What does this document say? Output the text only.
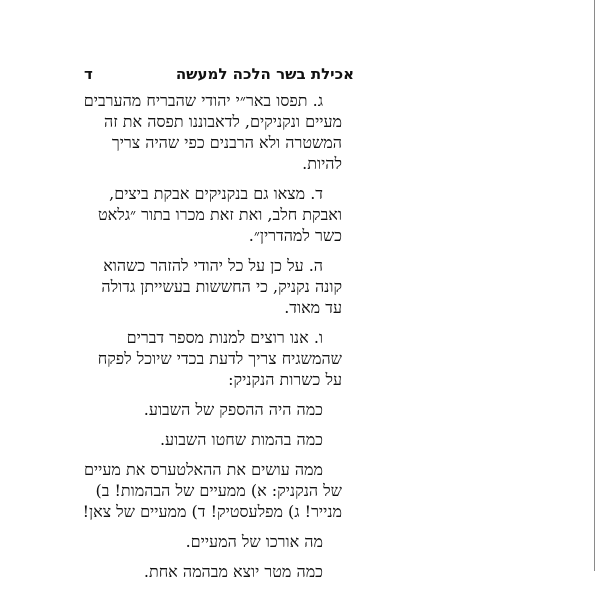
אכילת בשר הלכה למעשה
ד
ג. תפסו באר״י יהודי שהבריח מהערבים
מעיים ונקניקים, לדאבוננו תפסה את זה
המשטרה ולא הרבנים כפי שהיה צריך
להיות.
ד. מצאו גם בנקניקים אבקת ביצים,
ואבקת חלב, ואת זאת מכרו בתור ״גלאט
כשר למהדרין״.
ה. על כן על כל יהודי להזהר כשהוא
קונה נקניק, כי החששות בעשייתן גדולה
עד מאוד.
ו. אנו רוצים למנות מספר דברים
שהמשגיח צריך לדעת בכדי שיוכל לפקח
על כשרות הנקניק:
כמה היה ההספק של השבוע.
כמה בהמות שחטו השבוע.
ממה עושים את ההאלטערס את מעיים
של הנקניק: א) ממעיים של הבהמות! ב)
מנייר! ג) מפלעסטיק! ד) ממעיים של צאן!
מה אורכו של המעיים.
כמה מטר יוצא מבהמה אחת.
